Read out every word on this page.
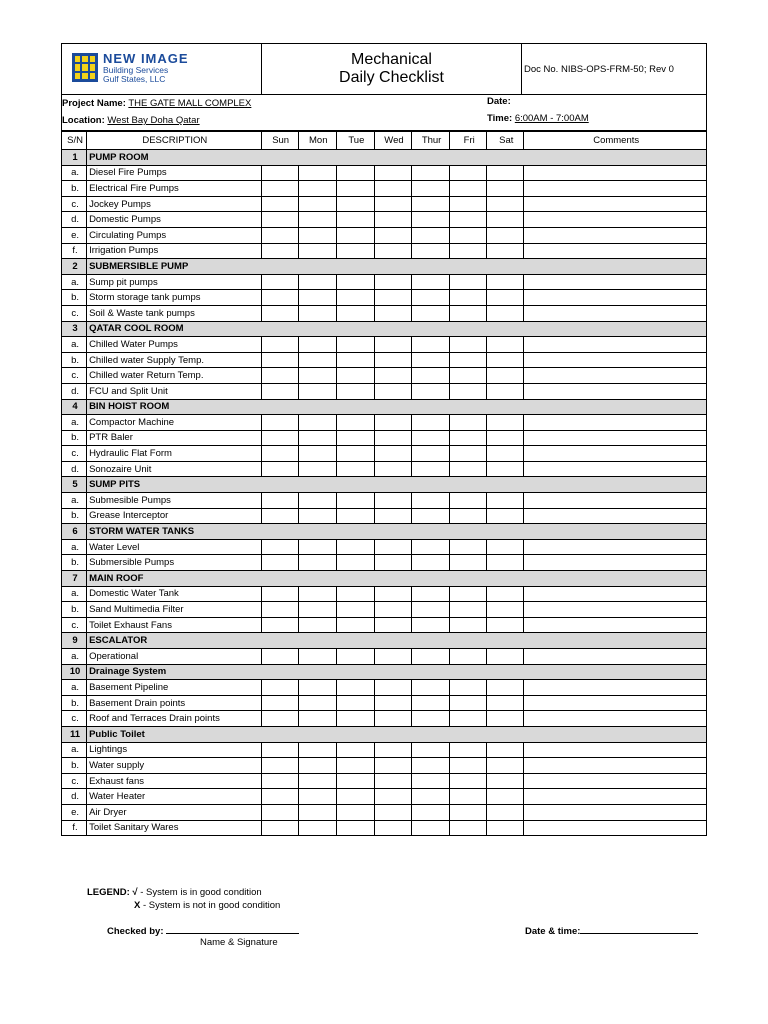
NEW IMAGE
Building Services
Gulf States, LLC
Mechanical
Daily Checklist	Doc No. NIBS-OPS-FRM-50; Rev 0
Project Name: THE GATE MALL COMPLEX
Location: West Bay Doha Qatar
Date:
Time: 6:00AM - 7:00AM
S/N	DESCRIPTION	Sun	Mon	Tue	Wed	Thur	Fri	Sat	Comments
1	PUMP ROOM								
a.	Diesel Fire Pumps								
b.	Electrical Fire Pumps								
c.	Jockey Pumps								
d.	Domestic Pumps								
e.	Circulating Pumps								
f.	Irrigation Pumps								
2	SUBMERSIBLE PUMP								
a.	Sump pit pumps								
b.	Storm storage tank pumps								
c.	Soil & Waste tank pumps								
3	QATAR COOL ROOM								
a.	Chilled Water Pumps								
b.	Chilled water Supply Temp.								
c.	Chilled water Return Temp.								
d.	FCU and Split Unit								
4	BIN HOIST ROOM								
a.	Compactor Machine								
b.	PTR Baler								
c.	Hydraulic Flat Form								
d.	Sonozaire Unit								
5	SUMP PITS								
a.	Submesible Pumps								
b.	Grease Interceptor								
6	STORM WATER TANKS								
a.	Water Level								
b.	Submersible Pumps								
7	MAIN ROOF								
a.	Domestic Water Tank								
b.	Sand Multimedia Filter								
c.	Toilet Exhaust Fans								
9	ESCALATOR								
a.	Operational								
10	Drainage System								
a.	Basement Pipeline								
b.	Basement Drain points								
c.	Roof and Terraces Drain points								
11	Public Toilet								
a.	Lightings								
b.	Water supply								
c.	Exhaust fans								
d.	Water Heater								
e.	Air Dryer								
f.	Toilet Sanitary Wares								
LEGEND: √ - System is in good condition
X - System is not in good condition
Checked by:
Name & Signature
Date & time:
